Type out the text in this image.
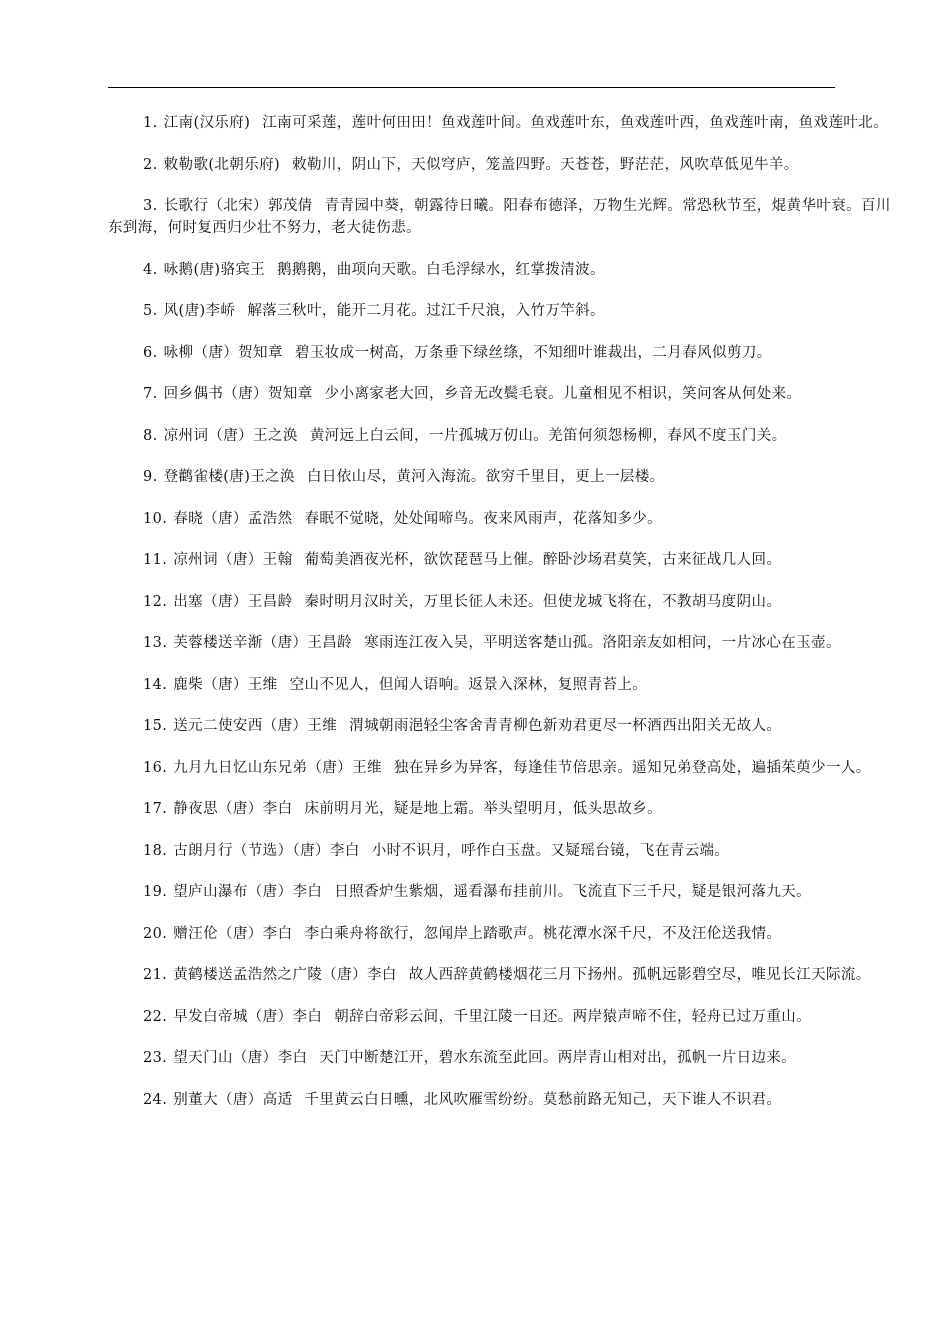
1. 江南(汉乐府) 江南可采莲，莲叶何田田！鱼戏莲叶间。鱼戏莲叶东，鱼戏莲叶西，鱼戏莲叶南，鱼戏莲叶北。
2. 敕勒歌(北朝乐府) 敕勒川，阴山下，天似穹庐，笼盖四野。天苍苍，野茫茫，风吹草低见牛羊。
3. 长歌行（北宋）郭茂倩 青青园中葵，朝露待日曦。阳春布德泽，万物生光辉。常恐秋节至，焜黄华叶衰。百川东到海，何时复西归少壮不努力，老大徒伤悲。
4. 咏鹅(唐)骆宾王 鹅鹅鹅，曲项向天歌。白毛浮绿水，红掌拨清波。
5. 风(唐)李峤 解落三秋叶，能开二月花。过江千尺浪，入竹万竿斜。
6. 咏柳（唐）贺知章 碧玉妆成一树高，万条垂下绿丝绦，不知细叶谁裁出，二月春风似剪刀。
7. 回乡偶书（唐）贺知章 少小离家老大回，乡音无改鬓毛衰。儿童相见不相识，笑问客从何处来。
8. 凉州词（唐）王之涣 黄河远上白云间，一片孤城万仞山。羌笛何须怨杨柳，春风不度玉门关。
9. 登鹳雀楼(唐)王之涣 白日依山尽，黄河入海流。欲穷千里目，更上一层楼。
10. 春晓（唐）孟浩然 春眠不觉晓，处处闻啼鸟。夜来风雨声，花落知多少。
11. 凉州词（唐）王翰 葡萄美酒夜光杯，欲饮琵琶马上催。醉卧沙场君莫笑，古来征战几人回。
12. 出塞（唐）王昌龄 秦时明月汉时关，万里长征人未还。但使龙城飞将在，不教胡马度阴山。
13. 芙蓉楼送辛渐（唐）王昌龄 寒雨连江夜入吴，平明送客楚山孤。洛阳亲友如相问，一片冰心在玉壶。
14. 鹿柴（唐）王维 空山不见人，但闻人语响。返景入深林，复照青苔上。
15. 送元二使安西（唐）王维 渭城朝雨浥轻尘客舍青青柳色新劝君更尽一杯酒西出阳关无故人。
16. 九月九日忆山东兄弟（唐）王维 独在异乡为异客，每逢佳节倍思亲。遥知兄弟登高处，遍插茱萸少一人。
17. 静夜思（唐）李白 床前明月光，疑是地上霜。举头望明月，低头思故乡。
18. 古朗月行（节选）（唐）李白 小时不识月，呼作白玉盘。又疑瑶台镜，飞在青云端。
19. 望庐山瀑布（唐）李白 日照香炉生紫烟，遥看瀑布挂前川。飞流直下三千尺，疑是银河落九天。
20. 赠汪伦（唐）李白 李白乘舟将欲行，忽闻岸上踏歌声。桃花潭水深千尺，不及汪伦送我情。
21. 黄鹤楼送孟浩然之广陵（唐）李白 故人西辞黄鹤楼烟花三月下扬州。孤帆远影碧空尽，唯见长江天际流。
22. 早发白帝城（唐）李白 朝辞白帝彩云间，千里江陵一日还。两岸猿声啼不住，轻舟已过万重山。
23. 望天门山（唐）李白 天门中断楚江开，碧水东流至此回。两岸青山相对出，孤帆一片日边来。
24. 别董大（唐）高适 千里黄云白日曛，北风吹雁雪纷纷。莫愁前路无知己，天下谁人不识君。
